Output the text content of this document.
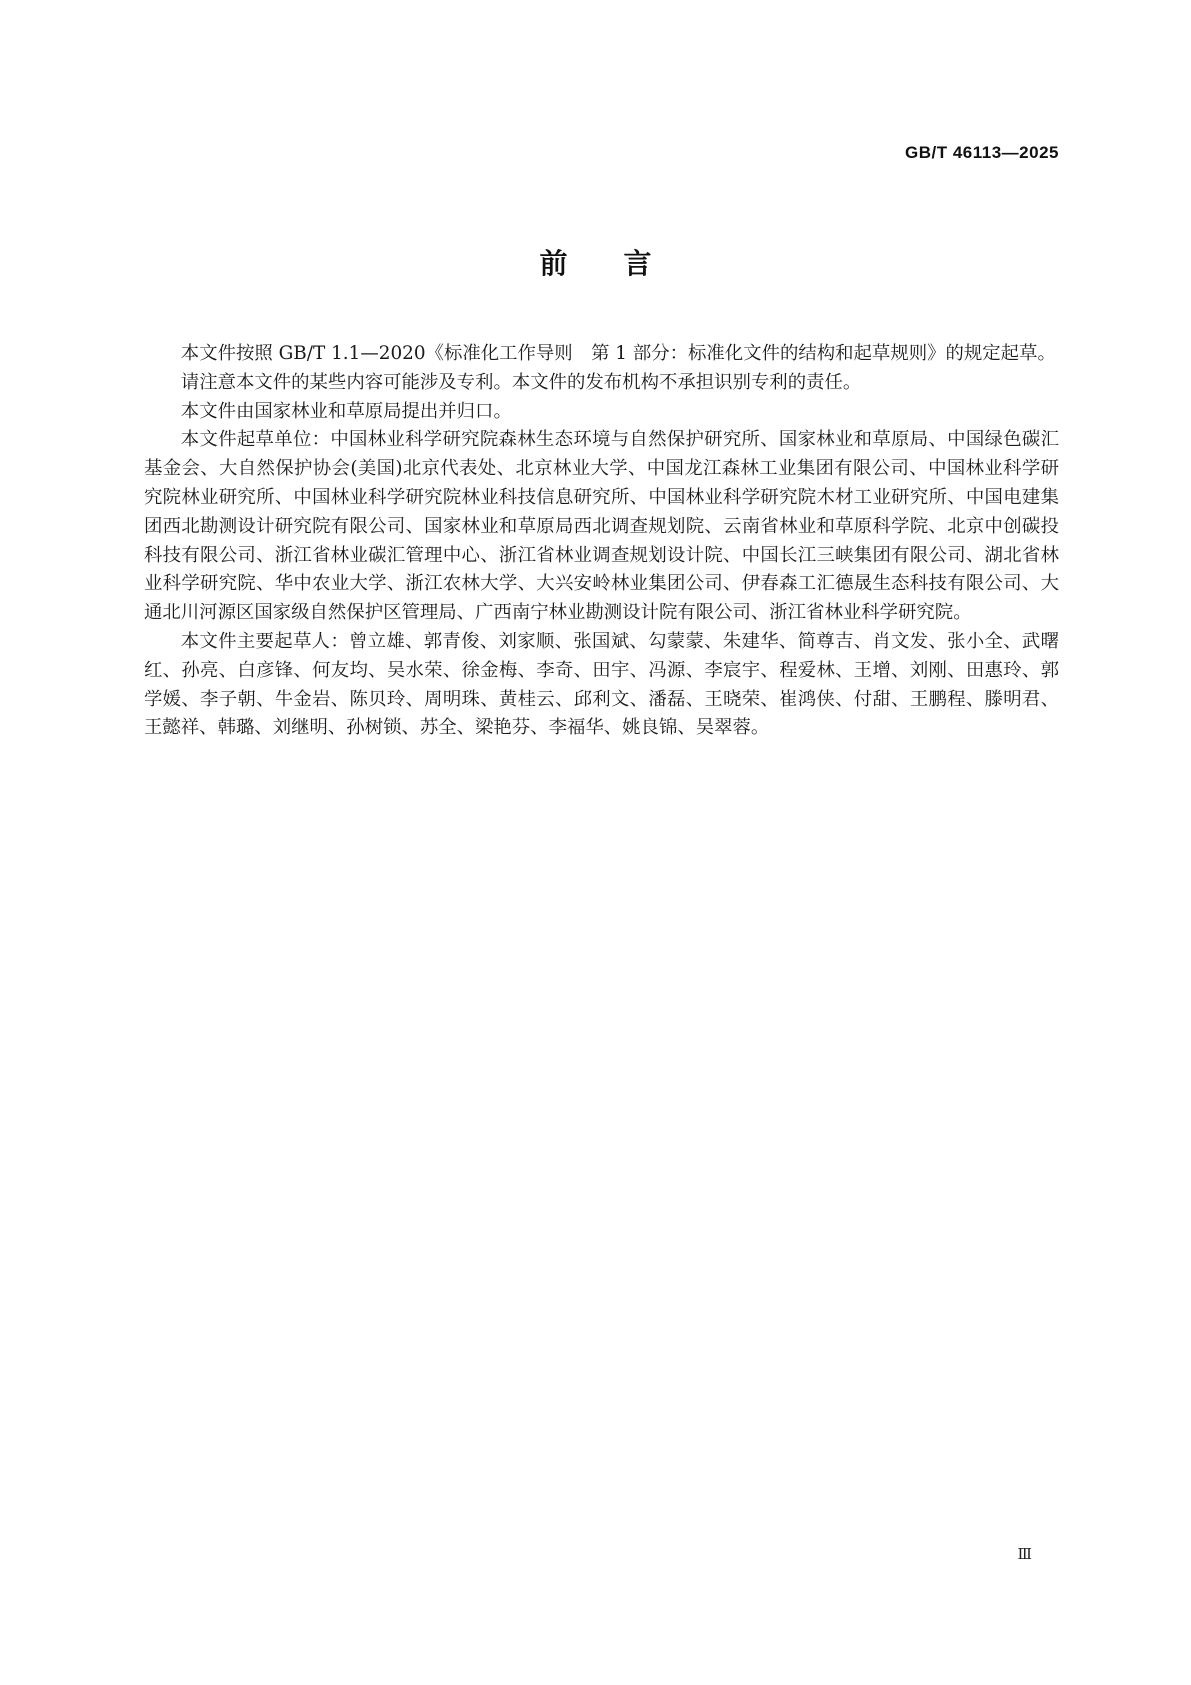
GB/T 46113—2025
前 言

本文件按照 GB/T 1.1—2020《标准化工作导则　第 1 部分：标准化文件的结构和起草规则》的规定起草。

请注意本文件的某些内容可能涉及专利。本文件的发布机构不承担识别专利的责任。

本文件由国家林业和草原局提出并归口。

本文件起草单位：中国林业科学研究院森林生态环境与自然保护研究所、国家林业和草原局、中国绿色碳汇基金会、大自然保护协会(美国)北京代表处、北京林业大学、中国龙江森林工业集团有限公司、中国林业科学研究院林业研究所、中国林业科学研究院林业科技信息研究所、中国林业科学研究院木材工业研究所、中国电建集团西北勘测设计研究院有限公司、国家林业和草原局西北调查规划院、云南省林业和草原科学院、北京中创碳投科技有限公司、浙江省林业碳汇管理中心、浙江省林业调查规划设计院、中国长江三峡集团有限公司、湖北省林业科学研究院、华中农业大学、浙江农林大学、大兴安岭林业集团公司、伊春森工汇德晟生态科技有限公司、大通北川河源区国家级自然保护区管理局、广西南宁林业勘测设计院有限公司、浙江省林业科学研究院。

本文件主要起草人：曾立雄、郭青俊、刘家顺、张国斌、勾蒙蒙、朱建华、简尊吉、肖文发、张小全、武曙红、孙亮、白彦锋、何友均、吴水荣、徐金梅、李奇、田宇、冯源、李宸宇、程爱林、王增、刘刚、田惠玲、郭学媛、李子朝、牛金岩、陈贝玲、周明珠、黄桂云、邱利文、潘磊、王晓荣、崔鸿侠、付甜、王鹏程、滕明君、王懿祥、韩璐、刘继明、孙树锁、苏全、梁艳芬、李福华、姚良锦、吴翠蓉。

Ⅲ
